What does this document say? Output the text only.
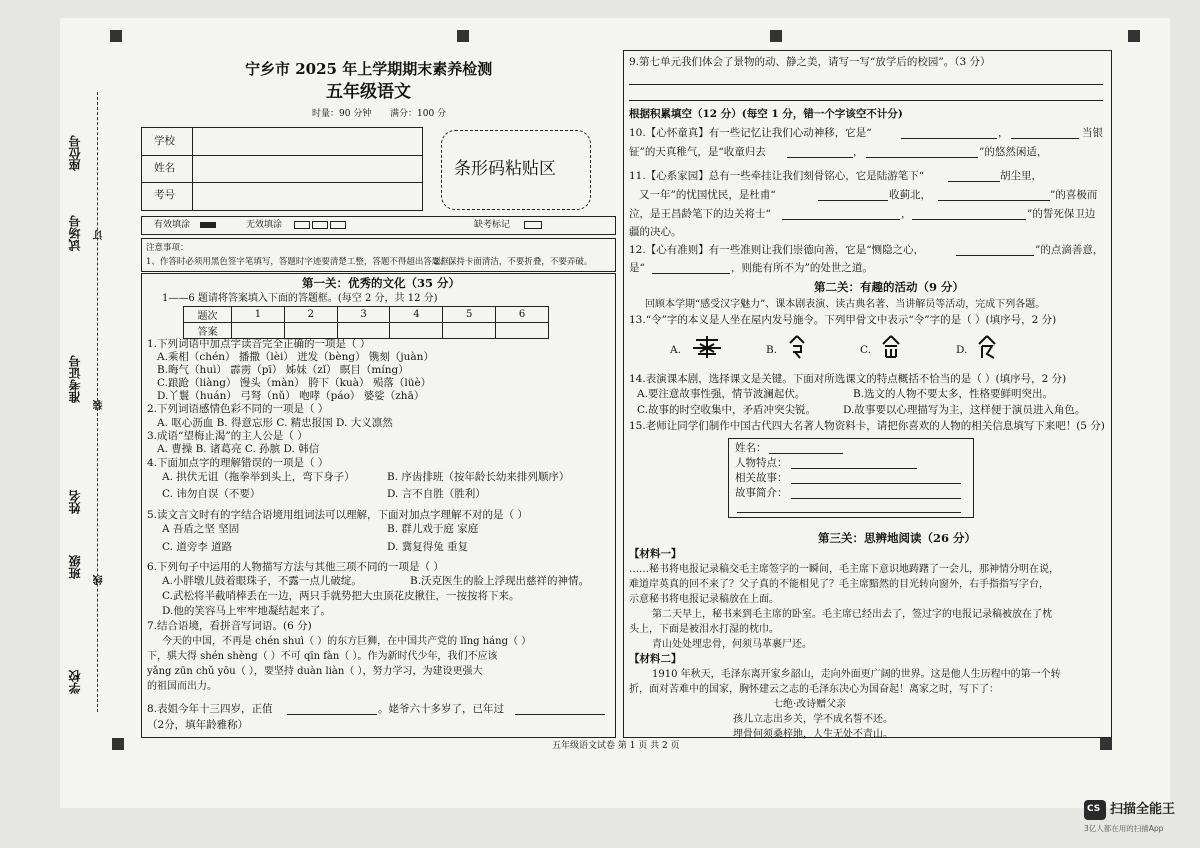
座位号
试场号
准考证号
姓名
班级
学校
订
装
线
宁乡市 2025 年上学期期末素养检测
五年级语文
时量：90 分钟 满分：100 分
学校
姓名
考号
条形码粘贴区
有效填涂	无效填涂	缺考标记
注意事项：
1、作答时必须用黑色签字笔填写，答题时字迹要清楚工整，答题不得超出答题框。
2、保持卡面清洁，不要折叠，不要弄破。
第一关：优秀的文化（35 分）
1——6 题请将答案填入下面的答题框。(每空 2 分，共 12 分)
题次	1	2	3	4	5	6
答案						
1.下列词语中加点字读音完全正确的一项是（ ）
A.乘相（chén） 播撒（lèi） 迸发（bèng） 镌刻（juàn）
B.晦气（huì） 霹雳（pī） 姊妹（zǐ） 瞑目（míng）
C.踉跄（liàng） 馒头（màn） 胯下（kuà） 殒落（lüè）
D.丫鬟（huán） 弓弩（nǔ） 咆哮（páo） 婆娑（zhā）
2.下列词语感情色彩不同的一项是（ ）
A. 呕心沥血 B. 得意忘形 C. 精忠报国 D. 大义凛然
3.成语“望梅止渴”的主人公是（ ）
A. 曹操 B. 诸葛亮 C. 孙膑 D. 韩信
4.下面加点字的理解错误的一项是（ ）
A. 拱伏无诅（拖拳举到头上，弯下身子）	B. 序齿排班（按年龄长幼来排列顺序）
C. 讳勿自误（不要）	D. 言不自胜（胜利）
5.读文言文时有的字结合语境用组词法可以理解，下面对加点字理解不对的是（ ）
A 吾盾之坚 坚固	B. 群儿戏于庭 家庭
C. 道旁李 道路	D. 冀复得兔 重复
6.下列句子中运用的人物描写方法与其他三项不同的一项是（ ）
A.小胖墩儿鼓着眼珠子，不露一点儿破绽。	B.沃克医生的脸上浮现出慈祥的神情。
C.武松将半截哨棒丢在一边，两只手就势把大虫顶花皮揪住，一按按将下来。
D.他的笑容马上牢牢地凝结起来了。
7.结合语境，看拼音写词语。(6 分)
今天的中国，不再是 chén shuì（ ）的东方巨狮，在中国共产党的 lǐng háng（ ）
下，骐大得 shén shèng（ ）不可 qīn fàn（ ）。作为新时代少年，我们不应该
yǎng zūn chǔ yōu（ ），要坚持 duàn liàn（ ），努力学习，为建设更强大
的祖国而出力。
8.表姐今年十三四岁，正值	。姥爷六十多岁了，已年过
（2分，填年龄雅称）
9.第七单元我们体会了景物的动、静之美，请写一写“放学后的校园”。（3 分）
根据积累填空（12 分）(每空 1 分，错一个字该空不计分)
10.【心怀童真】有一些记忆让我们心动神移，它是“	，	当银
钲”的天真稚气，是“收童归去	，	”的悠然闲适，
11.【心系家园】总有一些牵挂让我们刻骨铭心，它是陆游笔下“	胡尘里，
又一年”的忧国忧民，是杜甫“	收蓟北，	”的喜极而
泣，是王昌龄笔下的边关将士“	，	”的誓死保卫边
疆的决心。
12.【心有准则】有一些准则让我们崇德向善，它是“恻隐之心，	”的点滴善意，
是“	，则能有所不为”的处世之道。
第二关：有趣的活动（9 分）
回顾本学期“感受汉字魅力”、课本剧表演、读古典名著、当讲解员等活动，完成下列各题。
13.“令”字的本义是人坐在屋内发号施令。下列甲骨文中表示“令”字的是（ ）(填序号，2 分)
A.	B.	C.	D.
14.表演课本剧，选择课文是关键。下面对所选课文的特点概括不恰当的是（ ）(填序号，2 分)
A.要注意故事性强，情节波澜起伏。	B.选文的人物不要太多，性格要鲜明突出。
C.故事的时空收集中，矛盾冲突尖锐。	D.故事要以心理描写为主，这样便于演员进入角色。
15.老师让同学们制作中国古代四大名著人物资料卡，请把你喜欢的人物的相关信息填写下来吧！(5 分)
姓名：
人物特点：
相关故事：
故事简介：
第三关：思辨地阅读（26 分）
【材料一】
……秘书将电报记录稿交毛主席签字的一瞬间，毛主席下意识地踌躇了一会儿，那神情分明在说，
难道岸英真的回不来了？父子真的不能相见了？毛主席黯然的目光转向窗外，右手指指写字台，
示意秘书将电报记录稿放在上面。
第二天早上，秘书来到毛主席的卧室。毛主席已经出去了，签过字的电报记录稿被放在了枕
头上，下面是被泪水打湿的枕巾。
青山处处埋忠骨，何须马革裹尸还。
【材料二】
1910 年秋天，毛泽东离开家乡韶山，走向外面更广阔的世界。这是他人生历程中的第一个转
折，面对苦难中的国家，胸怀建云之志的毛泽东决心为国奋起！离家之时，写下了：
七绝·改诗赠父亲
孩儿立志出乡关，学不成名誓不还。
埋骨何须桑梓地，人生无处不青山。
五年级语文试卷 第 1 页 共 2 页
CS 扫描全能王
3亿人都在用的扫描App
